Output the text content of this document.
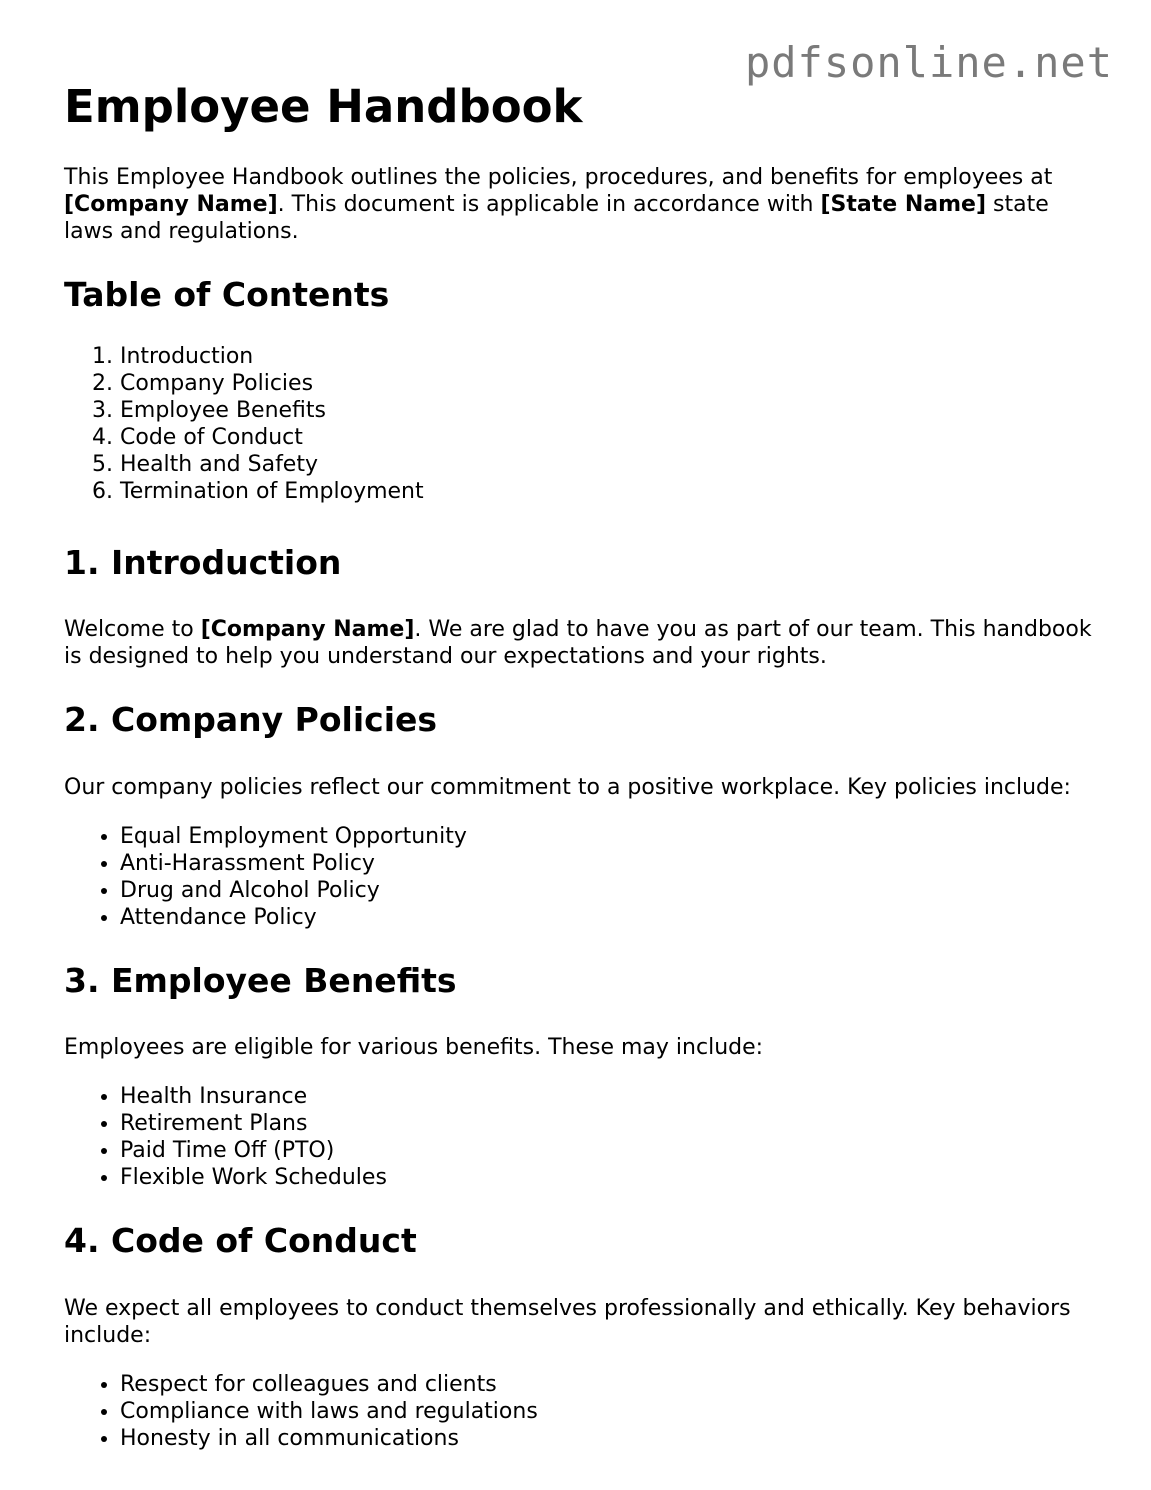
pdfsonline.net
Employee Handbook

This Employee Handbook outlines the policies, procedures, and benefits for employees at [Company Name]. This document is applicable in accordance with [State Name] state laws and regulations.

Table of Contents
1. Introduction
2. Company Policies
3. Employee Benefits
4. Code of Conduct
5. Health and Safety
6. Termination of Employment
1. Introduction

Welcome to [Company Name]. We are glad to have you as part of our team. This handbook is designed to help you understand our expectations and your rights.

2. Company Policies

Our company policies reflect our commitment to a positive workplace. Key policies include:

• Equal Employment Opportunity
• Anti-Harassment Policy
• Drug and Alcohol Policy
• Attendance Policy
3. Employee Benefits

Employees are eligible for various benefits. These may include:

• Health Insurance
• Retirement Plans
• Paid Time Off (PTO)
• Flexible Work Schedules
4. Code of Conduct

We expect all employees to conduct themselves professionally and ethically. Key behaviors include:

• Respect for colleagues and clients
• Compliance with laws and regulations
• Honesty in all communications
